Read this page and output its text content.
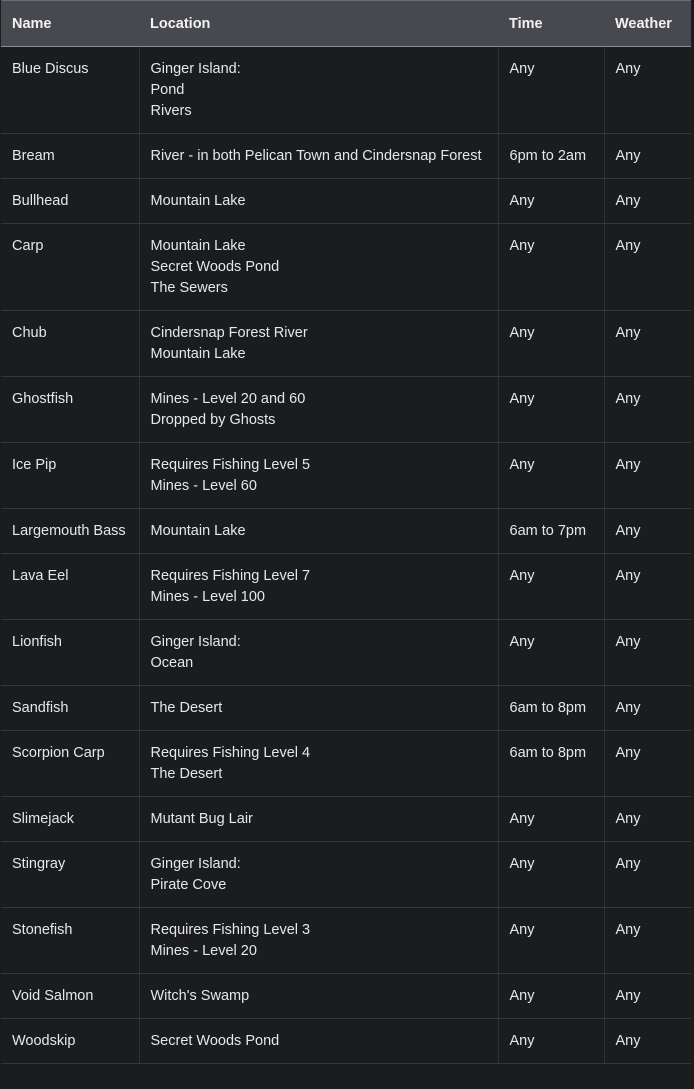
Name	Location	Time	Weather
Blue Discus	Ginger Island:
Pond
Rivers	Any	Any
Bream	River - in both Pelican Town and Cindersnap Forest	6pm to 2am	Any
Bullhead	Mountain Lake	Any	Any
Carp	Mountain Lake
Secret Woods Pond
The Sewers	Any	Any
Chub	Cindersnap Forest River
Mountain Lake	Any	Any
Ghostfish	Mines - Level 20 and 60
Dropped by Ghosts	Any	Any
Ice Pip	Requires Fishing Level 5
Mines - Level 60	Any	Any
Largemouth Bass	Mountain Lake	6am to 7pm	Any
Lava Eel	Requires Fishing Level 7
Mines - Level 100	Any	Any
Lionfish	Ginger Island:
Ocean	Any	Any
Sandfish	The Desert	6am to 8pm	Any
Scorpion Carp	Requires Fishing Level 4
The Desert	6am to 8pm	Any
Slimejack	Mutant Bug Lair	Any	Any
Stingray	Ginger Island:
Pirate Cove	Any	Any
Stonefish	Requires Fishing Level 3
Mines - Level 20	Any	Any
Void Salmon	Witch's Swamp	Any	Any
Woodskip	Secret Woods Pond	Any	Any
